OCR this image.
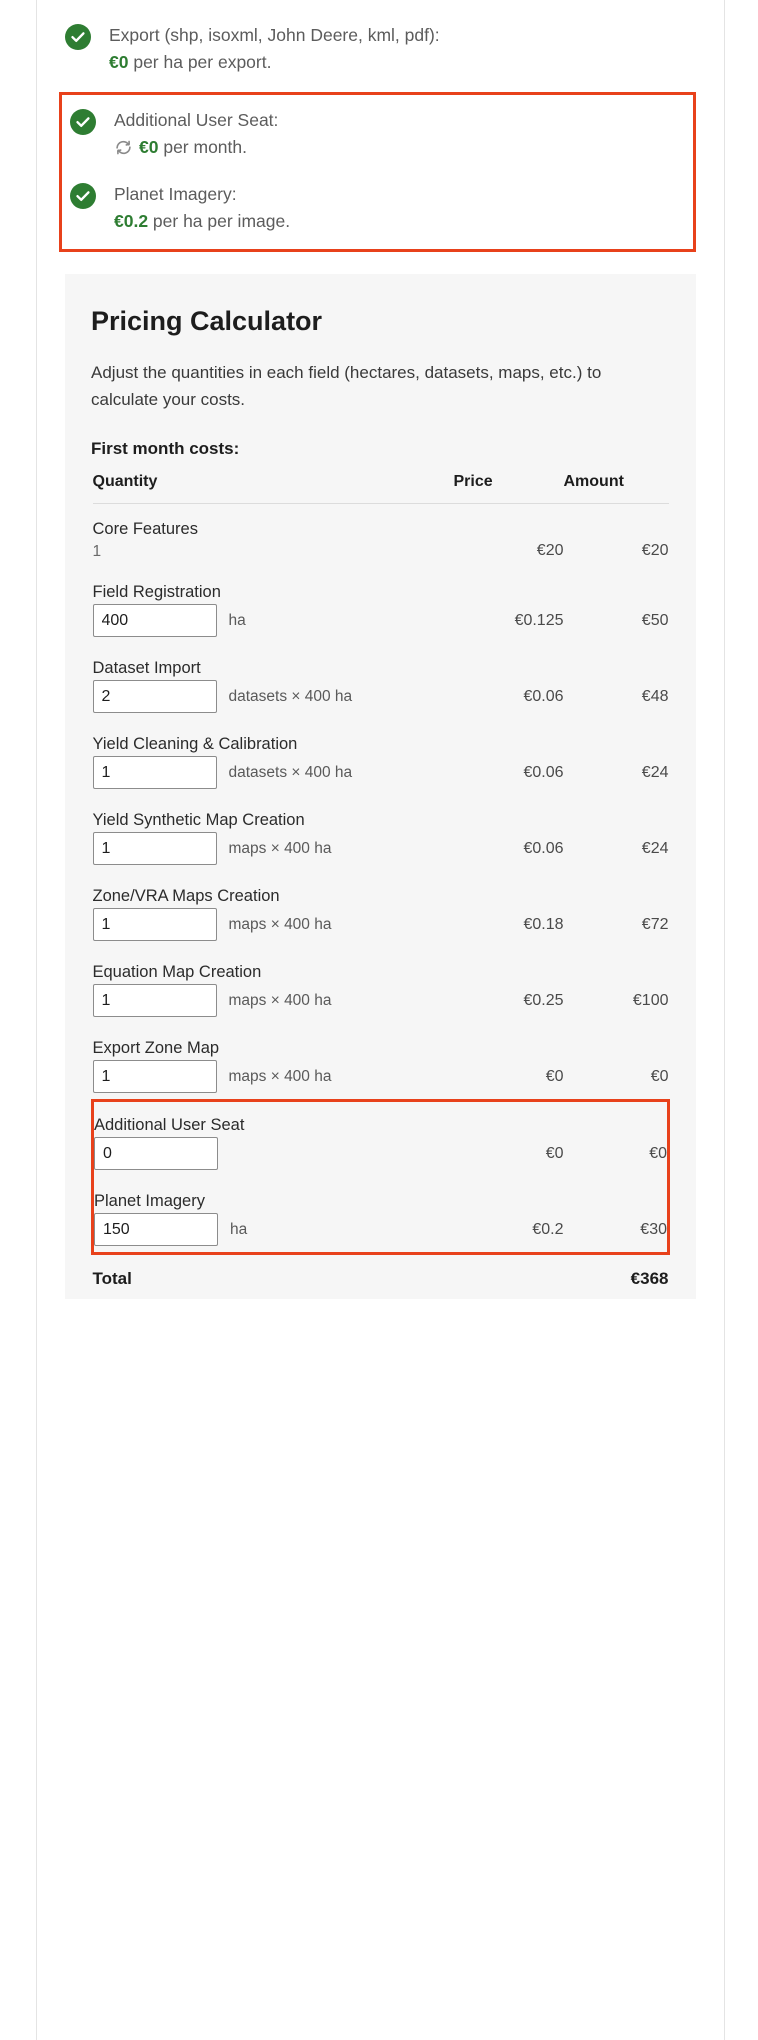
Export (shp, isoxml, John Deere, kml, pdf):
€0 per ha per export.
Additional User Seat:
€0 per month.
Planet Imagery:
€0.2 per ha per image.
Pricing Calculator
Adjust the quantities in each field (hectares, datasets, maps, etc.) to calculate your costs.
First month costs:
Quantity	Price	Amount
Core Features		

1	€20	€20
Field Registration		

400
ha	€0.125	€50
Dataset Import		

2
datasets × 400 ha	€0.06	€48
Yield Cleaning & Calibration		

1
datasets × 400 ha	€0.06	€24
Yield Synthetic Map Creation		

1
maps × 400 ha	€0.06	€24
Zone/VRA Maps Creation		

1
maps × 400 ha	€0.18	€72
Equation Map Creation		

1
maps × 400 ha	€0.25	€100
Export Zone Map		

1
maps × 400 ha	€0	€0
Additional User Seat		

0
	€0	€0
Planet Imagery		

150
ha	€0.2	€30
Total		€368
